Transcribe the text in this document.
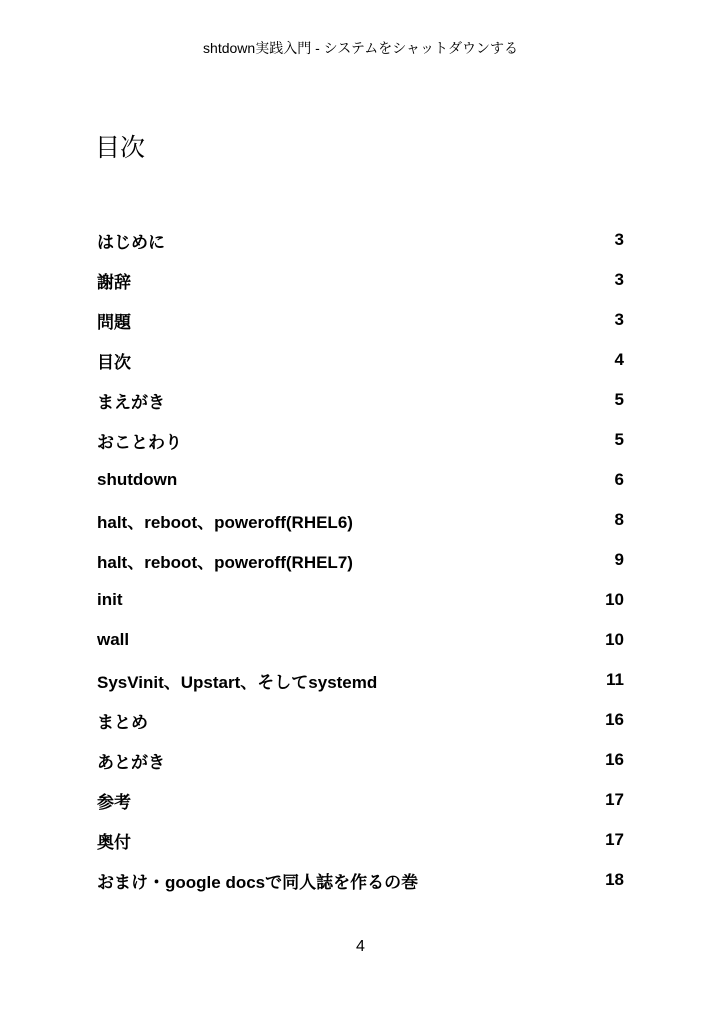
shtdown実践入門 - システムをシャットダウンする
目次
はじめに	3
謝辞	3
問題	3
目次	4
まえがき	5
おことわり	5
shutdown	6
halt、reboot、poweroff(RHEL6)	8
halt、reboot、poweroff(RHEL7)	9
init	10
wall	10
SysVinit、Upstart、そしてsystemd	11
まとめ	16
あとがき	16
参考	17
奥付	17
おまけ・google docsで同人誌を作るの巻	18
4
